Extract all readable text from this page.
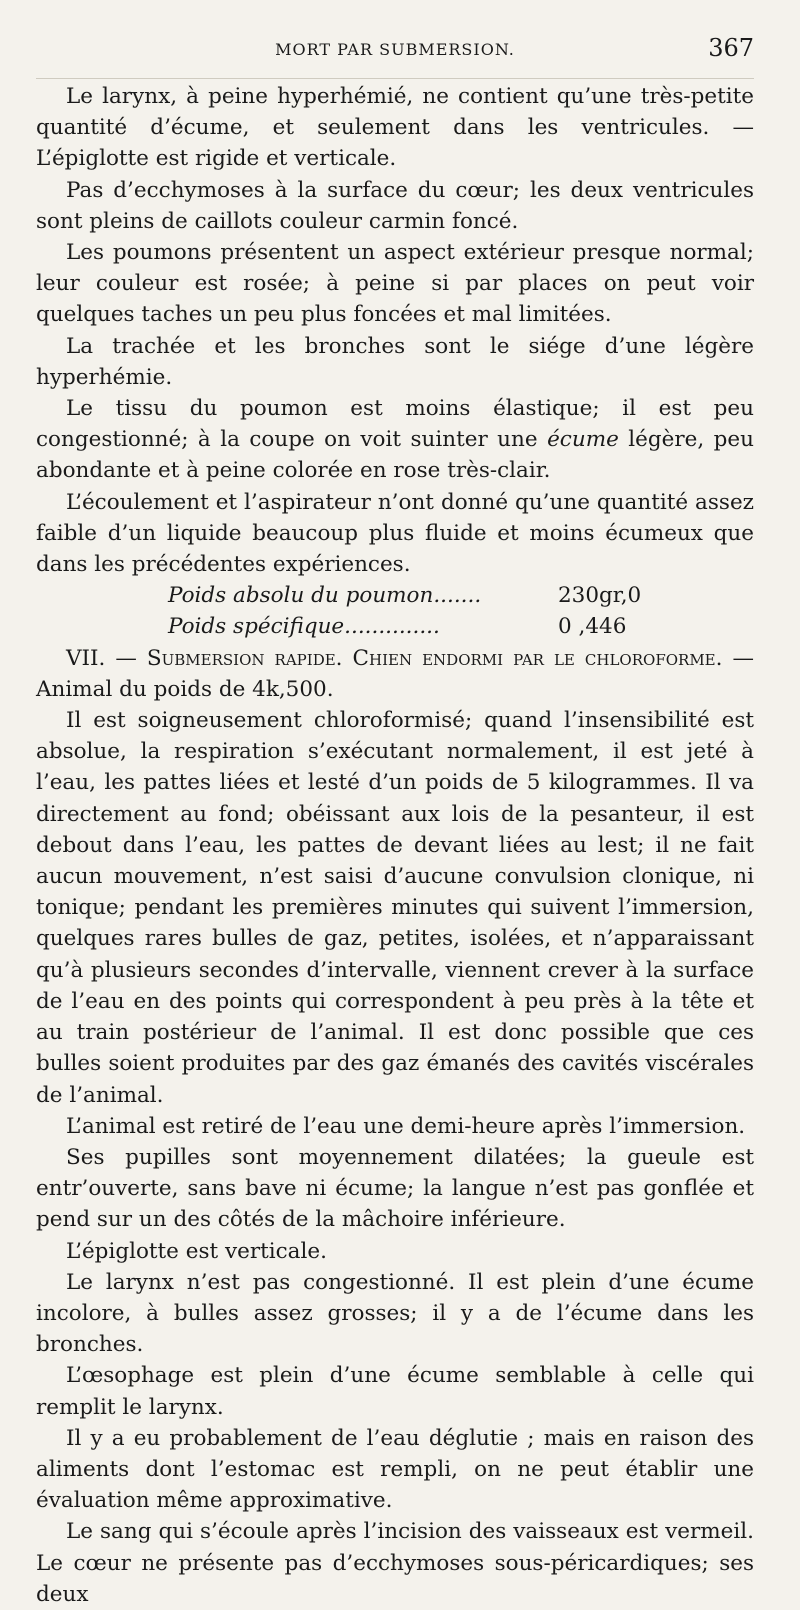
MORT PAR SUBMERSION.	367

Le larynx, à peine hyperhémié, ne contient qu’une très-petite quantité d’écume, et seulement dans les ventricules. — L’épiglotte est rigide et verticale.

Pas d’ecchymoses à la surface du cœur; les deux ventricules sont pleins de caillots couleur carmin foncé.

Les poumons présentent un aspect extérieur presque normal; leur couleur est rosée; à peine si par places on peut voir quelques taches un peu plus foncées et mal limitées.

La trachée et les bronches sont le siége d’une légère hyperhémie.

Le tissu du poumon est moins élastique; il est peu congestionné; à la coupe on voit suinter une écume légère, peu abondante et à peine colorée en rose très-clair.

L’écoulement et l’aspirateur n’ont donné qu’une quantité assez faible d’un liquide beaucoup plus fluide et moins écumeux que dans les précédentes expériences.

Poids absolu du poumon.......	230gr,0
Poids spécifique..............	0 ,446

VII. — Submersion rapide. Chien endormi par le chloroforme. — Animal du poids de 4k,500.

Il est soigneusement chloroformisé; quand l’insensibilité est absolue, la respiration s’exécutant normalement, il est jeté à l’eau, les pattes liées et lesté d’un poids de 5 kilogrammes. Il va directement au fond; obéissant aux lois de la pesanteur, il est debout dans l’eau, les pattes de devant liées au lest; il ne fait aucun mouvement, n’est saisi d’aucune convulsion clonique, ni tonique; pendant les premières minutes qui suivent l’immersion, quelques rares bulles de gaz, petites, isolées, et n’apparaissant qu’à plusieurs secondes d’intervalle, viennent crever à la surface de l’eau en des points qui correspondent à peu près à la tête et au train postérieur de l’animal. Il est donc possible que ces bulles soient produites par des gaz émanés des cavités viscérales de l’animal.

L’animal est retiré de l’eau une demi-heure après l’immersion.

Ses pupilles sont moyennement dilatées; la gueule est entr’ouverte, sans bave ni écume; la langue n’est pas gonflée et pend sur un des côtés de la mâchoire inférieure.

L’épiglotte est verticale.

Le larynx n’est pas congestionné. Il est plein d’une écume incolore, à bulles assez grosses; il y a de l’écume dans les bronches.

L’œsophage est plein d’une écume semblable à celle qui remplit le larynx.

Il y a eu probablement de l’eau déglutie ; mais en raison des aliments dont l’estomac est rempli, on ne peut établir une évaluation même approximative.

Le sang qui s’écoule après l’incision des vaisseaux est vermeil. Le cœur ne présente pas d’ecchymoses sous-péricardiques; ses deux
